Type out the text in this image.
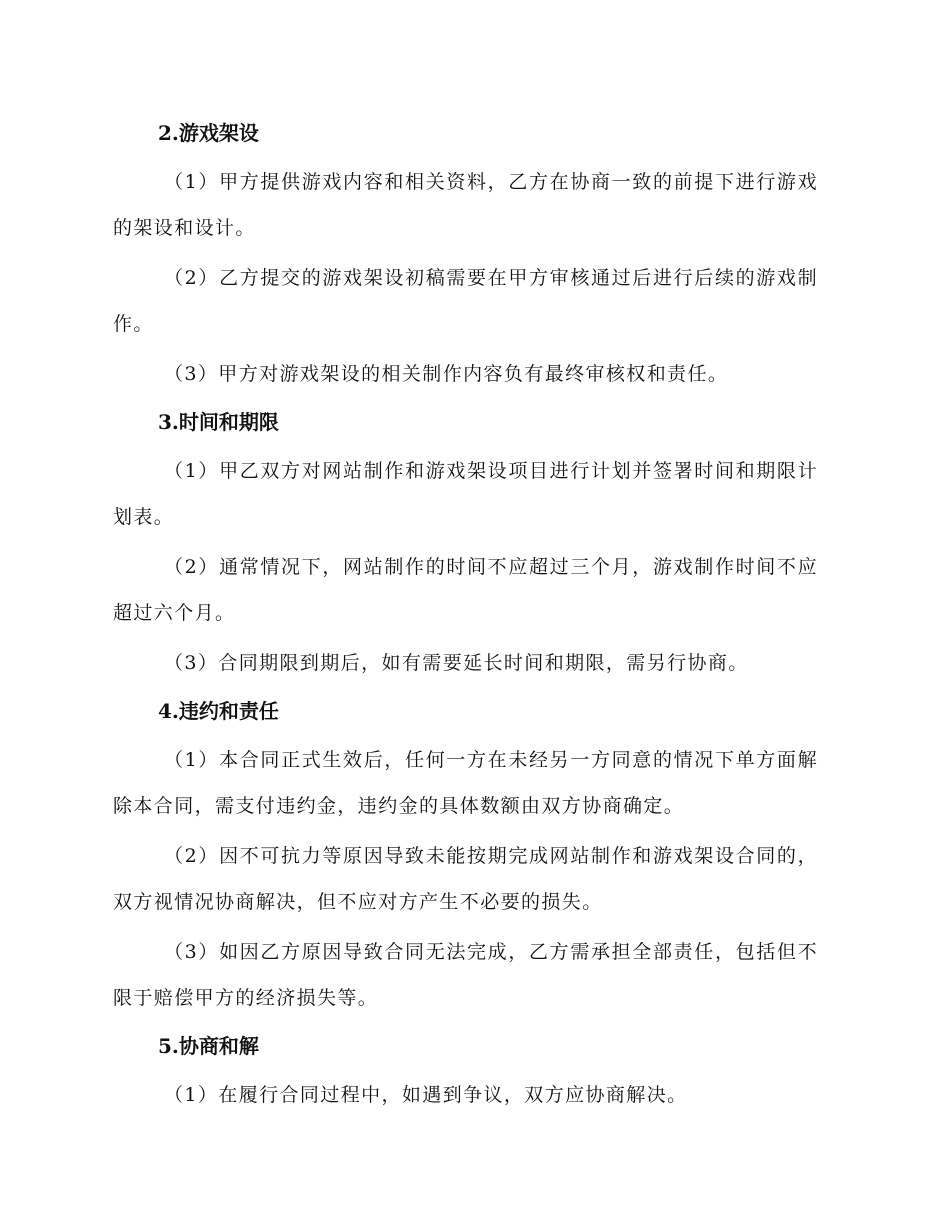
2.游戏架设

（1）甲方提供游戏内容和相关资料，乙方在协商一致的前提下进行游戏的架设和设计。

（2）乙方提交的游戏架设初稿需要在甲方审核通过后进行后续的游戏制作。

（3）甲方对游戏架设的相关制作内容负有最终审核权和责任。

3.时间和期限

（1）甲乙双方对网站制作和游戏架设项目进行计划并签署时间和期限计划表。

（2）通常情况下，网站制作的时间不应超过三个月，游戏制作时间不应超过六个月。

（3）合同期限到期后，如有需要延长时间和期限，需另行协商。

4.违约和责任

（1）本合同正式生效后，任何一方在未经另一方同意的情况下单方面解除本合同，需支付违约金，违约金的具体数额由双方协商确定。

（2）因不可抗力等原因导致未能按期完成网站制作和游戏架设合同的，双方视情况协商解决，但不应对方产生不必要的损失。

（3）如因乙方原因导致合同无法完成，乙方需承担全部责任，包括但不限于赔偿甲方的经济损失等。

5.协商和解

（1）在履行合同过程中，如遇到争议，双方应协商解决。
